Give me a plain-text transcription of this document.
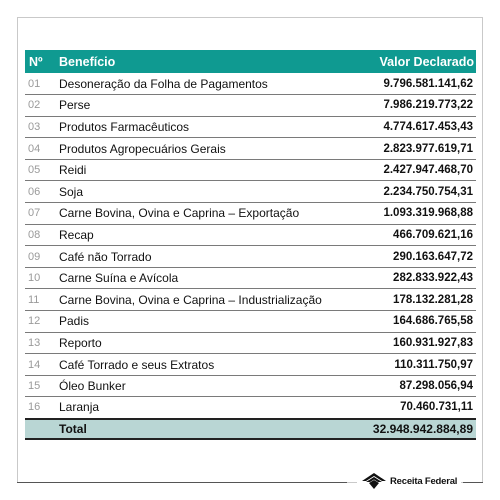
Nº	Benefício	Valor Declarado
01	Desoneração da Folha de Pagamentos	9.796.581.141,62
02	Perse	7.986.219.773,22
03	Produtos Farmacêuticos	4.774.617.453,43
04	Produtos Agropecuários Gerais	2.823.977.619,71
05	Reidi	2.427.947.468,70
06	Soja	2.234.750.754,31
07	Carne Bovina, Ovina e Caprina – Exportação	1.093.319.968,88
08	Recap	466.709.621,16
09	Café não Torrado	290.163.647,72
10	Carne Suína e Avícola	282.833.922,43
11	Carne Bovina, Ovina e Caprina – Industrialização	178.132.281,28
12	Padis	164.686.765,58
13	Reporto	160.931.927,83
14	Café Torrado e seus Extratos	110.311.750,97
15	Óleo Bunker	87.298.056,94
16	Laranja	70.460.731,11
	Total	32.948.942.884,89
Receita Federal
